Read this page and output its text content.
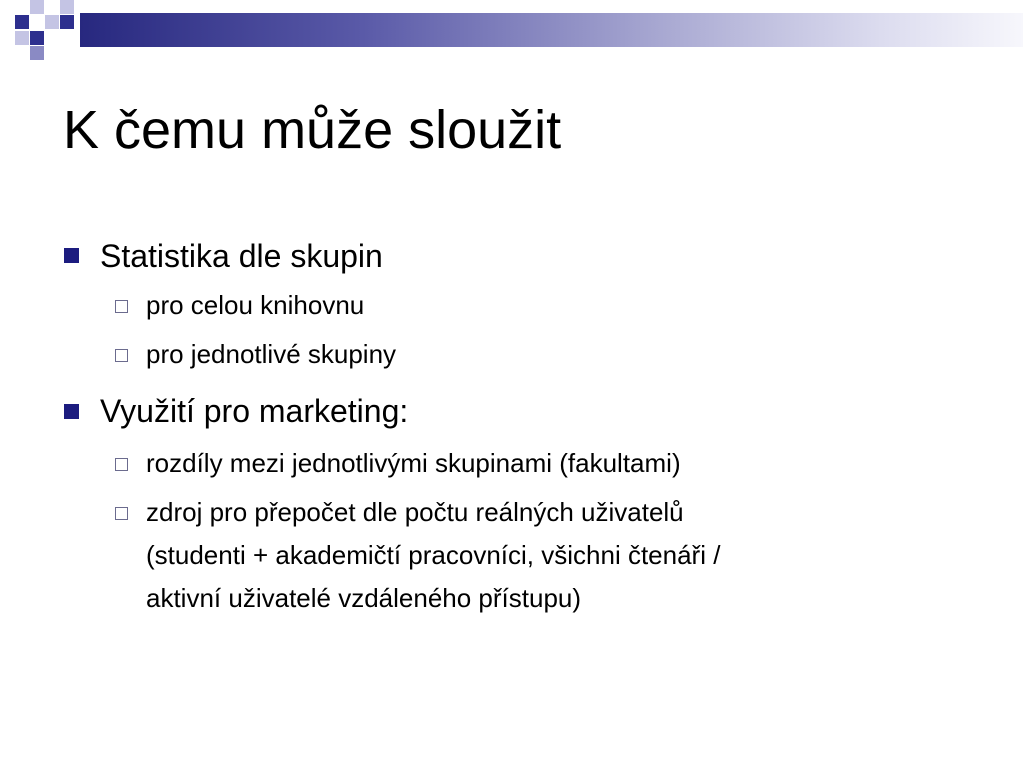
K čemu může sloužit
Statistika dle skupin
pro celou knihovnu
pro jednotlivé skupiny
Využití pro marketing:
rozdíly mezi jednotlivými skupinami (fakultami)
zdroj pro přepočet dle počtu reálných uživatelů
(studenti + akademičtí pracovníci, všichni čtenáři /
aktivní uživatelé vzdáleného přístupu)
